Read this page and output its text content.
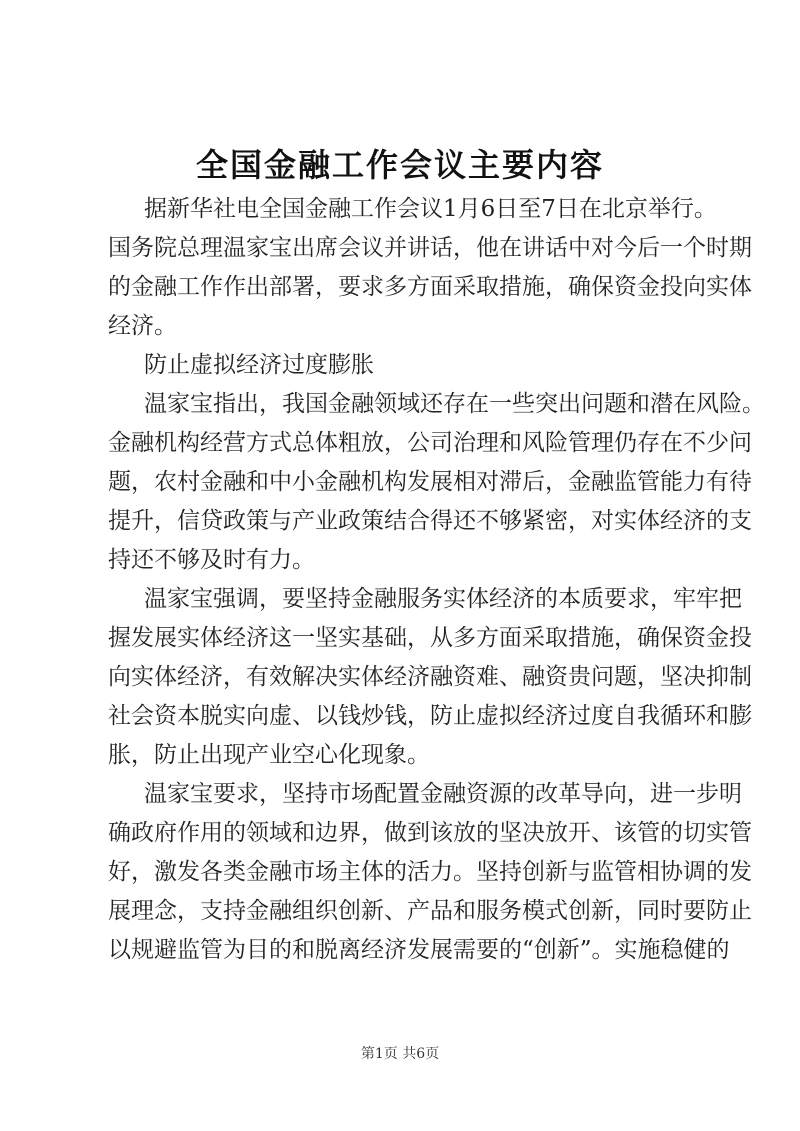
全国金融工作会议主要内容
据新华社电全国金融工作会议1月6日至7日在北京举行。
国务院总理温家宝出席会议并讲话，他在讲话中对今后一个时期
的金融工作作出部署，要求多方面采取措施，确保资金投向实体
经济。
防止虚拟经济过度膨胀
温家宝指出，我国金融领域还存在一些突出问题和潜在风险。
金融机构经营方式总体粗放，公司治理和风险管理仍存在不少问
题，农村金融和中小金融机构发展相对滞后，金融监管能力有待
提升，信贷政策与产业政策结合得还不够紧密，对实体经济的支
持还不够及时有力。
温家宝强调，要坚持金融服务实体经济的本质要求，牢牢把
握发展实体经济这一坚实基础，从多方面采取措施，确保资金投
向实体经济，有效解决实体经济融资难、融资贵问题，坚决抑制
社会资本脱实向虚、以钱炒钱，防止虚拟经济过度自我循环和膨
胀，防止出现产业空心化现象。
温家宝要求，坚持市场配置金融资源的改革导向，进一步明
确政府作用的领域和边界，做到该放的坚决放开、该管的切实管
好，激发各类金融市场主体的活力。坚持创新与监管相协调的发
展理念，支持金融组织创新、产品和服务模式创新，同时要防止
以规避监管为目的和脱离经济发展需要的“创新”。实施稳健的
第1页 共6页
